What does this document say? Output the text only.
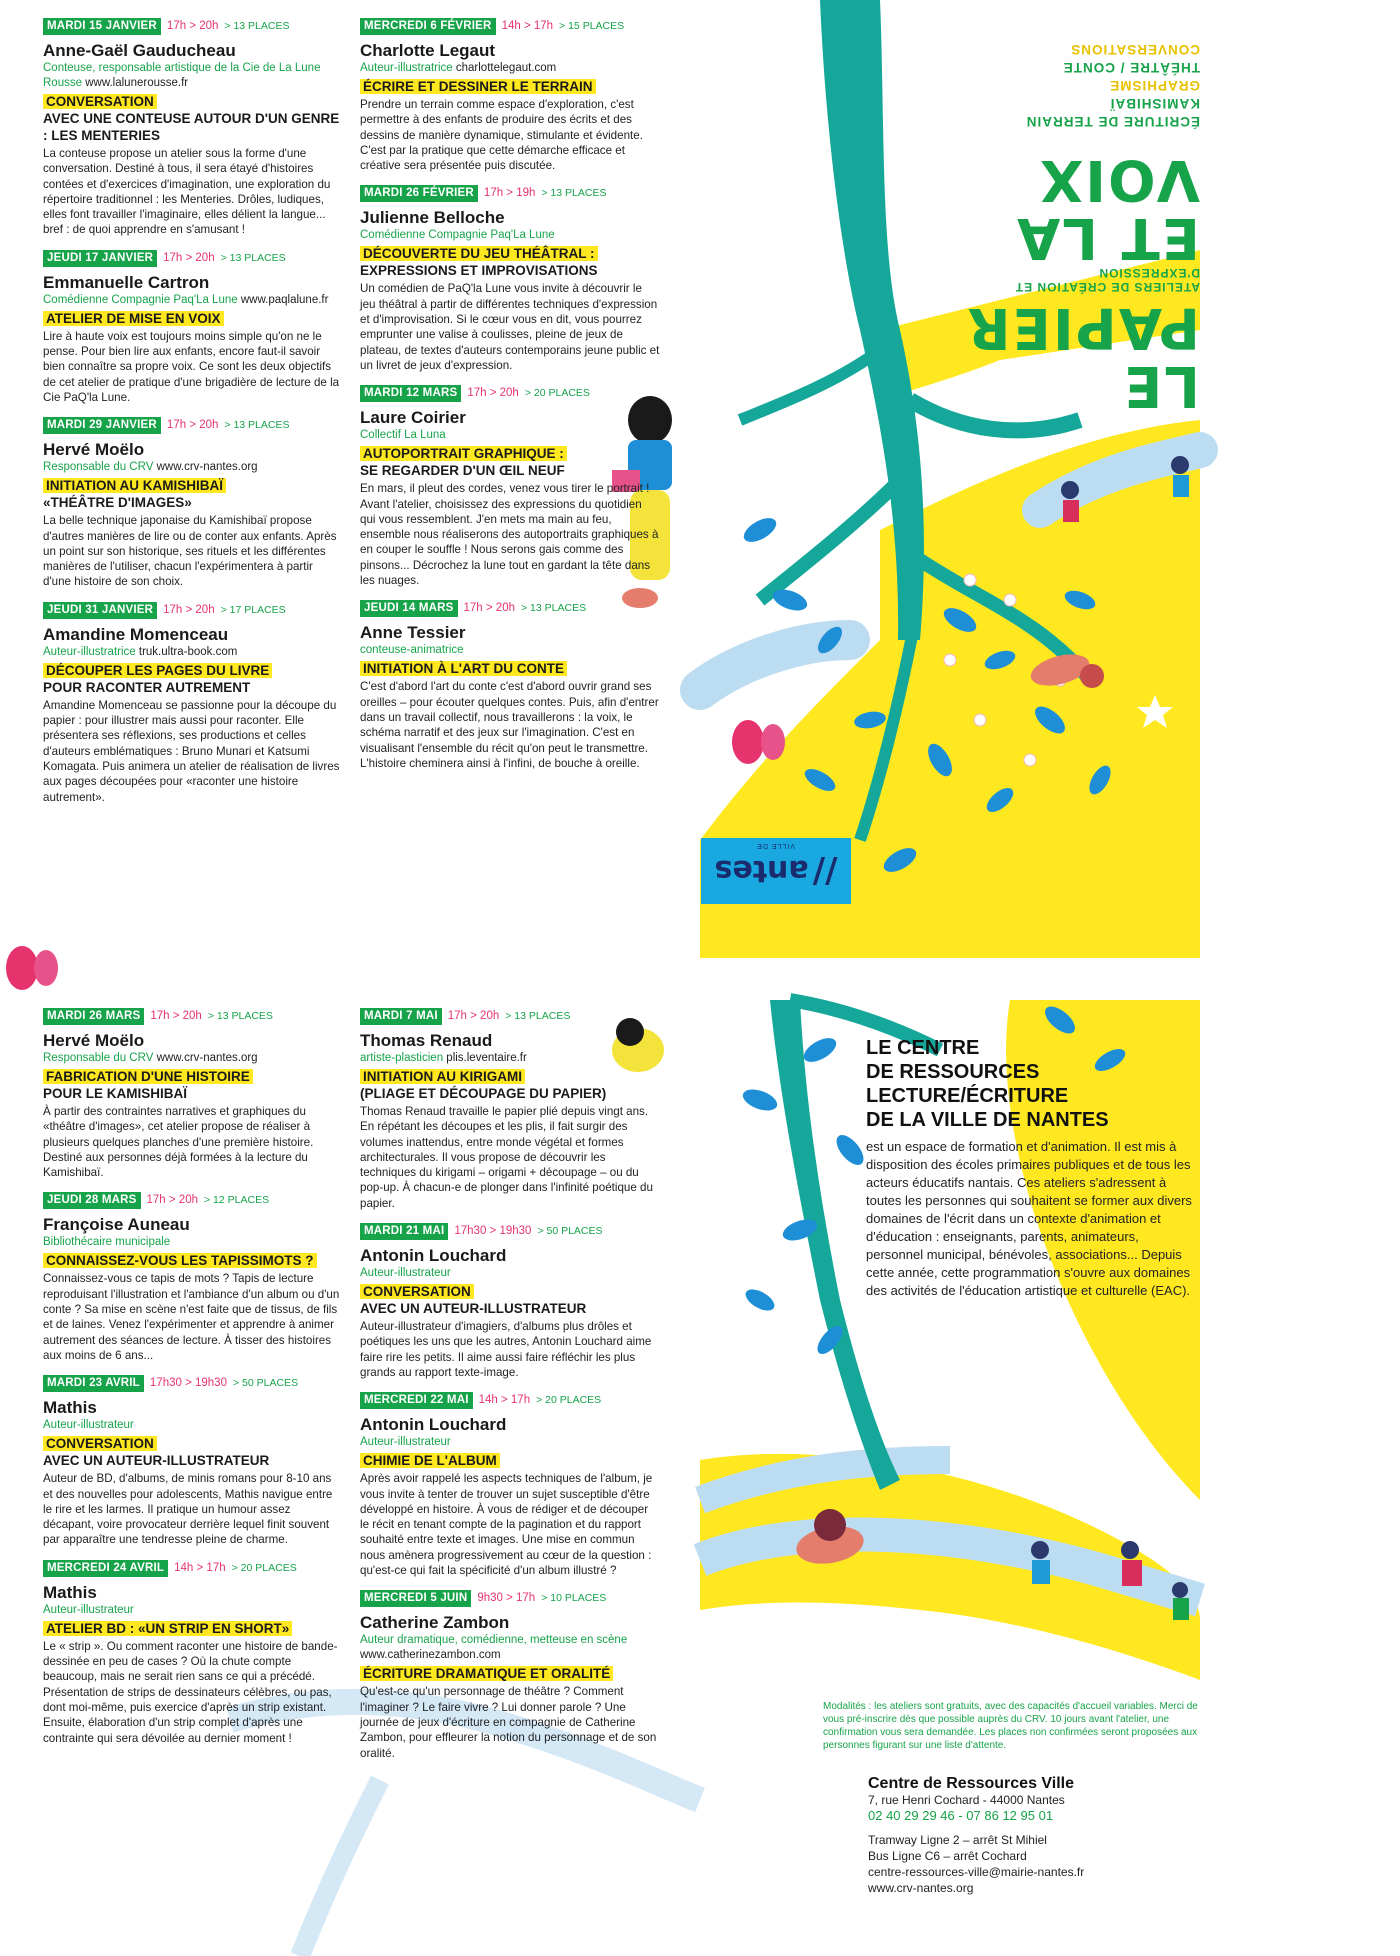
ÉCRITURE DE TERRAIN
KAMISHIBAÏ
GRAPHISME
THÉÂTRE / CONTE
CONVERSATIONS
LE PAPIER
ATELIERS DE CRÉATION ET D'EXPRESSION
ET LA VOIX
//
antes
VILLE DE
MARDI 15 JANVIER 17h > 20h > 13 PLACES
Anne-Gaël Gauducheau
Conteuse, responsable artistique de la Cie de La Lune Rousse www.lalunerousse.fr
CONVERSATION
AVEC UNE CONTEUSE AUTOUR D'UN GENRE : LES MENTERIES
La conteuse propose un atelier sous la forme d'une conversation. Destiné à tous, il sera étayé d'histoires contées et d'exercices d'imagination, une exploration du répertoire traditionnel : les Menteries. Drôles, ludiques, elles font travailler l'imaginaire, elles délient la langue... bref : de quoi apprendre en s'amusant !
JEUDI 17 JANVIER 17h > 20h > 13 PLACES
Emmanuelle Cartron
Comédienne Compagnie Paq'La Lune www.paqlalune.fr
ATELIER DE MISE EN VOIX
Lire à haute voix est toujours moins simple qu'on ne le pense. Pour bien lire aux enfants, encore faut-il savoir bien connaître sa propre voix. Ce sont les deux objectifs de cet atelier de pratique d'une brigadière de lecture de la Cie PaQ'la Lune.
MARDI 29 JANVIER 17h > 20h > 13 PLACES
Hervé Moëlo
Responsable du CRV www.crv-nantes.org
INITIATION AU KAMISHIBAÏ
«THÉÂTRE D'IMAGES»
La belle technique japonaise du Kamishibaï propose d'autres manières de lire ou de conter aux enfants. Après un point sur son historique, ses rituels et les différentes manières de l'utiliser, chacun l'expérimentera à partir d'une histoire de son choix.
JEUDI 31 JANVIER 17h > 20h > 17 PLACES
Amandine Momenceau
Auteur-illustratrice truk.ultra-book.com
DÉCOUPER LES PAGES DU LIVRE
POUR RACONTER AUTREMENT
Amandine Momenceau se passionne pour la découpe du papier : pour illustrer mais aussi pour raconter. Elle présentera ses réflexions, ses productions et celles d'auteurs emblématiques : Bruno Munari et Katsumi Komagata. Puis animera un atelier de réalisation de livres aux pages découpées pour «raconter une histoire autrement».
MERCREDI 6 FÉVRIER 14h > 17h > 15 PLACES
Charlotte Legaut
Auteur-illustratrice charlottelegaut.com
ÉCRIRE ET DESSINER LE TERRAIN
Prendre un terrain comme espace d'exploration, c'est permettre à des enfants de produire des écrits et des dessins de manière dynamique, stimulante et évidente. C'est par la pratique que cette démarche efficace et créative sera présentée puis discutée.
MARDI 26 FÉVRIER 17h > 19h > 13 PLACES
Julienne Belloche
Comédienne Compagnie Paq'La Lune
DÉCOUVERTE DU JEU THÉÂTRAL :
EXPRESSIONS ET IMPROVISATIONS
Un comédien de PaQ'la Lune vous invite à découvrir le jeu théâtral à partir de différentes techniques d'expression et d'improvisation. Si le cœur vous en dit, vous pourrez emprunter une valise à coulisses, pleine de jeux de plateau, de textes d'auteurs contemporains jeune public et un livret de jeux d'expression.
MARDI 12 MARS 17h > 20h > 20 PLACES
Laure Coirier
Collectif La Luna
AUTOPORTRAIT GRAPHIQUE :
SE REGARDER D'UN ŒIL NEUF
En mars, il pleut des cordes, venez vous tirer le portrait ! Avant l'atelier, choisissez des expressions du quotidien qui vous ressemblent. J'en mets ma main au feu, ensemble nous réaliserons des autoportraits graphiques à en couper le souffle ! Nous serons gais comme des pinsons... Décrochez la lune tout en gardant la tête dans les nuages.
JEUDI 14 MARS 17h > 20h > 13 PLACES
Anne Tessier
conteuse-animatrice
INITIATION À L'ART DU CONTE
C'est d'abord l'art du conte c'est d'abord ouvrir grand ses oreilles – pour écouter quelques contes. Puis, afin d'entrer dans un travail collectif, nous travaillerons : la voix, le schéma narratif et des jeux sur l'imagination. C'est en visualisant l'ensemble du récit qu'on peut le transmettre. L'histoire cheminera ainsi à l'infini, de bouche à oreille.
MARDI 26 MARS 17h > 20h > 13 PLACES
Hervé Moëlo
Responsable du CRV www.crv-nantes.org
FABRICATION D'UNE HISTOIRE
POUR LE KAMISHIBAÏ
À partir des contraintes narratives et graphiques du «théâtre d'images», cet atelier propose de réaliser à plusieurs quelques planches d'une première histoire. Destiné aux personnes déjà formées à la lecture du Kamishibaï.
JEUDI 28 MARS 17h > 20h > 12 PLACES
Françoise Auneau
Bibliothécaire municipale
CONNAISSEZ-VOUS LES TAPISSIMOTS ?
Connaissez-vous ce tapis de mots ? Tapis de lecture reproduisant l'illustration et l'ambiance d'un album ou d'un conte ? Sa mise en scène n'est faite que de tissus, de fils et de laines. Venez l'expérimenter et apprendre à animer autrement des séances de lecture. À tisser des histoires aux moins de 6 ans...
MARDI 23 AVRIL 17h30 > 19h30 > 50 PLACES
Mathis
Auteur-illustrateur
CONVERSATION
AVEC UN AUTEUR-ILLUSTRATEUR
Auteur de BD, d'albums, de minis romans pour 8-10 ans et des nouvelles pour adolescents, Mathis navigue entre le rire et les larmes. Il pratique un humour assez décapant, voire provocateur derrière lequel finit souvent par apparaître une tendresse pleine de charme.
MERCREDI 24 AVRIL 14h > 17h > 20 PLACES
Mathis
Auteur-illustrateur
ATELIER BD : «UN STRIP EN SHORT»
Le « strip ». Ou comment raconter une histoire de bande-dessinée en peu de cases ? Où la chute compte beaucoup, mais ne serait rien sans ce qui a précédé. Présentation de strips de dessinateurs célèbres, ou pas, dont moi-même, puis exercice d'après un strip existant. Ensuite, élaboration d'un strip complet d'après une contrainte qui sera dévoilée au dernier moment !
MARDI 7 MAI 17h > 20h > 13 PLACES
Thomas Renaud
artiste-plasticien plis.leventaire.fr
INITIATION AU KIRIGAMI
(PLIAGE ET DÉCOUPAGE DU PAPIER)
Thomas Renaud travaille le papier plié depuis vingt ans. En répétant les découpes et les plis, il fait surgir des volumes inattendus, entre monde végétal et formes architecturales. Il vous propose de découvrir les techniques du kirigami – origami + découpage – ou du pop-up. À chacun-e de plonger dans l'infinité poétique du papier.
MARDI 21 MAI 17h30 > 19h30 > 50 PLACES
Antonin Louchard
Auteur-illustrateur
CONVERSATION
AVEC UN AUTEUR-ILLUSTRATEUR
Auteur-illustrateur d'imagiers, d'albums plus drôles et poétiques les uns que les autres, Antonin Louchard aime faire rire les petits. Il aime aussi faire réfléchir les plus grands au rapport texte-image.
MERCREDI 22 MAI 14h > 17h > 20 PLACES
Antonin Louchard
Auteur-illustrateur
CHIMIE DE L'ALBUM
Après avoir rappelé les aspects techniques de l'album, je vous invite à tenter de trouver un sujet susceptible d'être développé en histoire. À vous de rédiger et de découper le récit en tenant compte de la pagination et du rapport souhaité entre texte et images. Une mise en commun nous amènera progressivement au cœur de la question : qu'est-ce qui fait la spécificité d'un album illustré ?
MERCREDI 5 JUIN 9h30 > 17h > 10 PLACES
Catherine Zambon
Auteur dramatique, comédienne, metteuse en scène www.catherinezambon.com
ÉCRITURE DRAMATIQUE ET ORALITÉ
Qu'est-ce qu'un personnage de théâtre ? Comment l'imaginer ? Le faire vivre ? Lui donner parole ? Une journée de jeux d'écriture en compagnie de Catherine Zambon, pour effleurer la notion du personnage et de son oralité.
LE CENTRE
DE RESSOURCES
LECTURE/ÉCRITURE
DE LA VILLE DE NANTES
est un espace de formation et d'animation. Il est mis à disposition des écoles primaires publiques et de tous les acteurs éducatifs nantais. Ces ateliers s'adressent à toutes les personnes qui souhaitent se former aux divers domaines de l'écrit dans un contexte d'animation et d'éducation : enseignants, parents, animateurs, personnel municipal, bénévoles, associations... Depuis cette année, cette programmation s'ouvre aux domaines des activités de l'éducation artistique et culturelle (EAC).
Modalités : les ateliers sont gratuits, avec des capacités d'accueil variables. Merci de vous pré-inscrire dès que possible auprès du CRV. 10 jours avant l'atelier, une confirmation vous sera demandée. Les places non confirmées seront proposées aux personnes figurant sur une liste d'attente.
Centre de Ressources Ville
7, rue Henri Cochard - 44000 Nantes
02 40 29 29 46 - 07 86 12 95 01
Tramway Ligne 2 – arrêt St Mihiel
Bus Ligne C6 – arrêt Cochard
centre-ressources-ville@mairie-nantes.fr
www.crv-nantes.org
